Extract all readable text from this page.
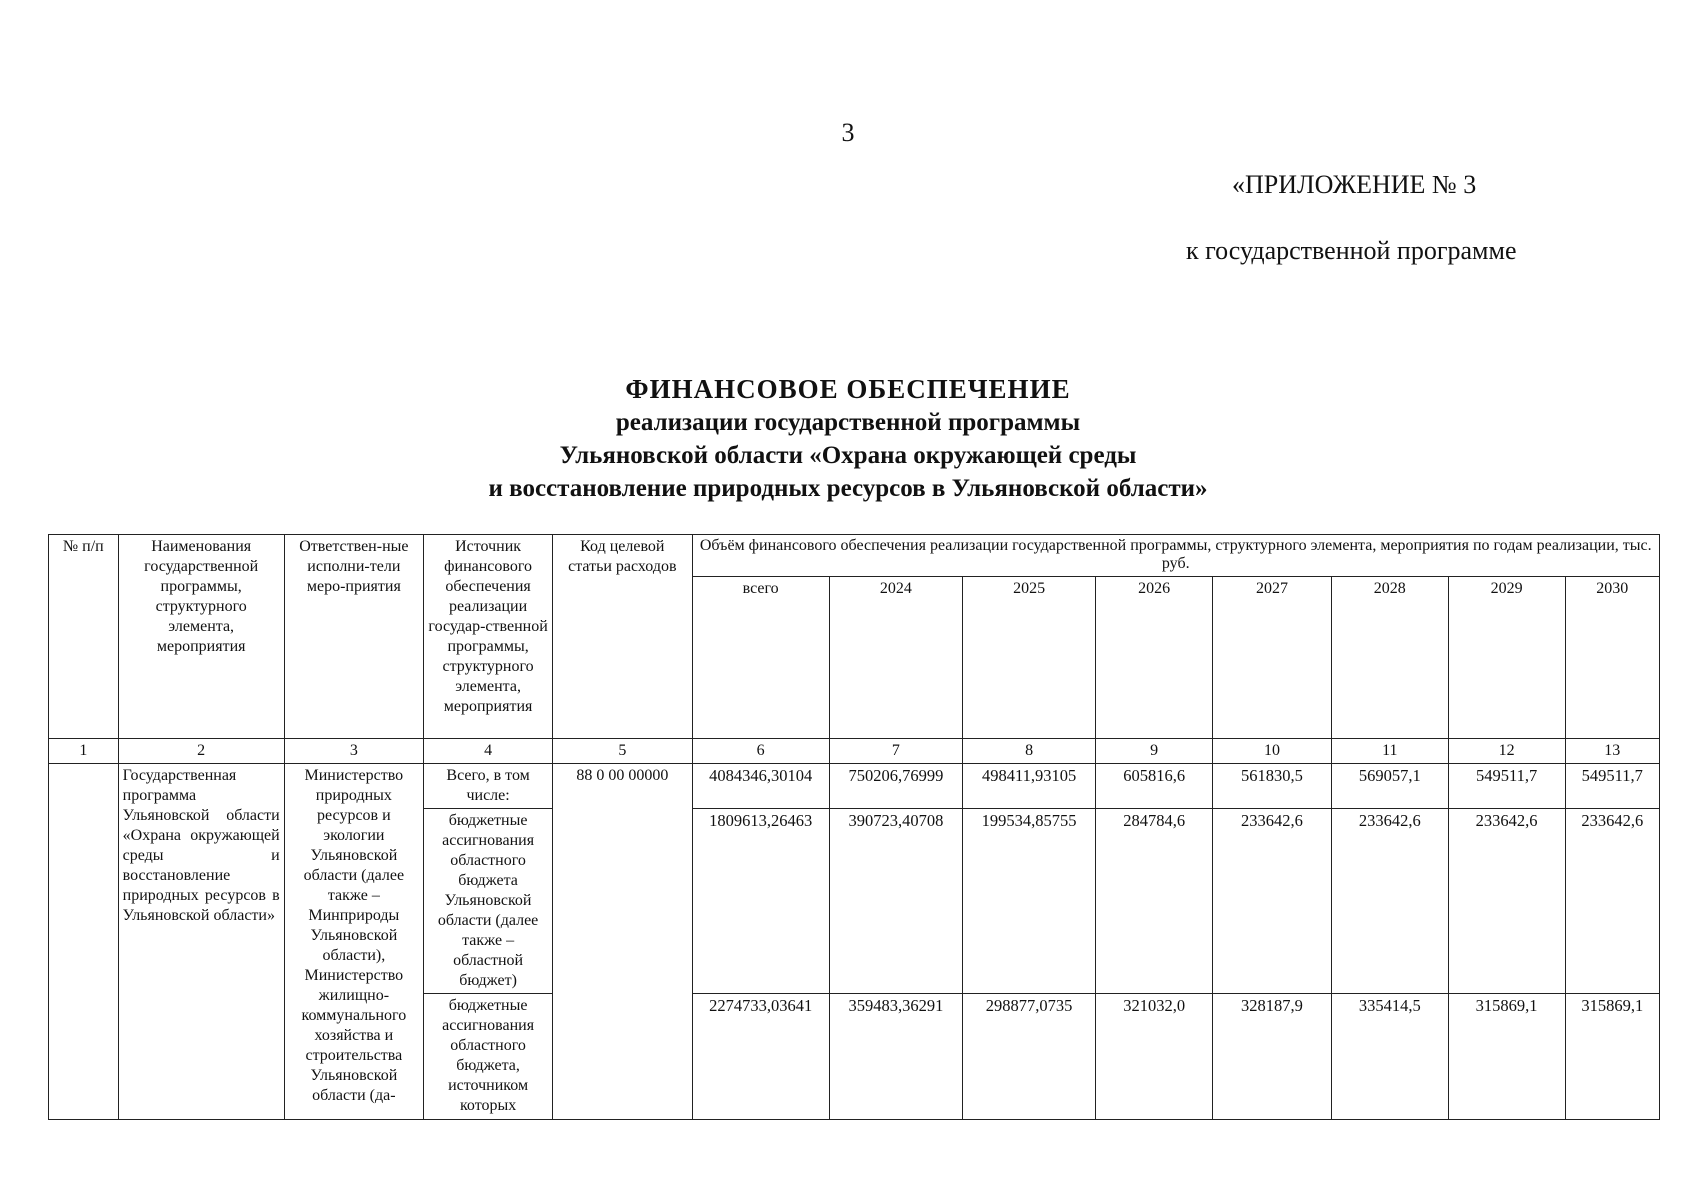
3
«ПРИЛОЖЕНИЕ № 3
к государственной программе
ФИНАНСОВОЕ ОБЕСПЕЧЕНИЕ
реализации государственной программы
Ульяновской области «Охрана окружающей среды
и восстановление природных ресурсов в Ульяновской области»
№ п/п	Наименования государственной программы, структурного элемента, мероприятия	Ответствен-ные исполни-тели меро-приятия	Источник финансового обеспечения реализации государ-ственной программы, структурного элемента, мероприятия	Код целевой статьи расходов	Объём финансового обеспечения реализации государственной программы, структурного элемента, мероприятия по годам реализации, тыс. руб.							
					всего	2024	2025	2026	2027	2028	2029	2030
1	2	3	4	5	6	7	8	9	10	11	12	13
	Государственная программа Ульяновской области «Охрана окружающей среды и восстановление природных ресурсов в Ульяновской области»	Министерство природных ресурсов и экологии Ульяновской области (далее также – Минприроды Ульяновской области), Министерство жилищно-коммунального хозяйства и строительства Ульяновской области (да-	Всего, в том числе:	88 0 00 00000	4084346,30104	750206,76999	498411,93105	605816,6	561830,5	569057,1	549511,7	549511,7
			бюджетные ассигнования областного бюджета Ульяновской области (далее также – областной бюджет)		1809613,26463	390723,40708	199534,85755	284784,6	233642,6	233642,6	233642,6	233642,6
			бюджетные ассигнования областного бюджета, источником которых		2274733,03641	359483,36291	298877,0735	321032,0	328187,9	335414,5	315869,1	315869,1
